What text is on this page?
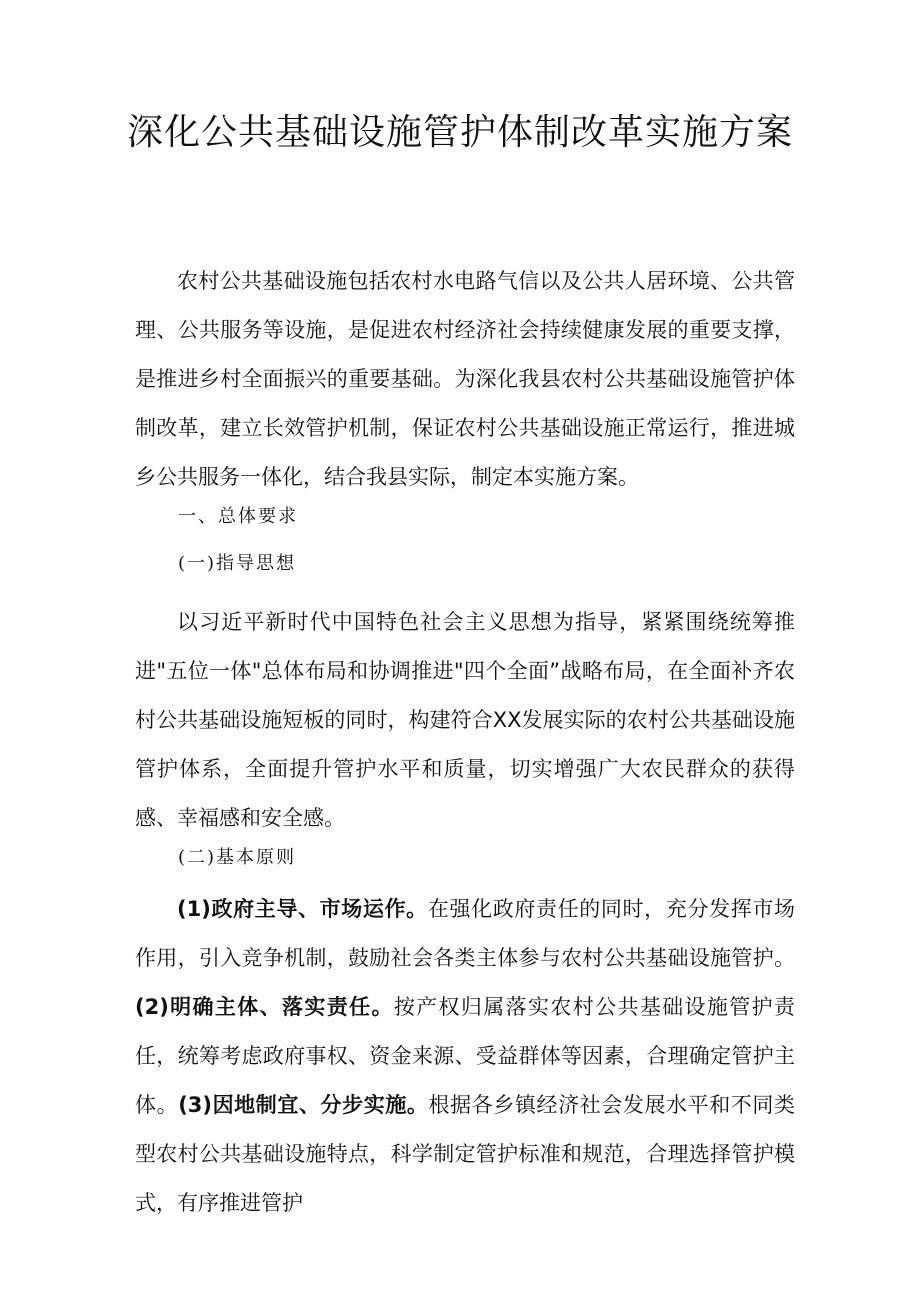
深化公共基础设施管护体制改革实施方案

农村公共基础设施包括农村水电路气信以及公共人居环境、公共管理、公共服务等设施，是促进农村经济社会持续健康发展的重要支撑，是推进乡村全面振兴的重要基础。为深化我县农村公共基础设施管护体制改革，建立长效管护机制，保证农村公共基础设施正常运行，推进城乡公共服务一体化，结合我县实际，制定本实施方案。

一、总体要求
(一)指导思想

以习近平新时代中国特色社会主义思想为指导，紧紧围绕统筹推进"五位一体"总体布局和协调推进"四个全面”战略布局，在全面补齐农村公共基础设施短板的同时，构建符合XX发展实际的农村公共基础设施管护体系，全面提升管护水平和质量，切实增强广大农民群众的获得感、幸福感和安全感。

(二)基本原则

(1)政府主导、市场运作。在强化政府责任的同时，充分发挥市场作用，引入竞争机制，鼓励社会各类主体参与农村公共基础设施管护。(2)明确主体、落实责任。按产权归属落实农村公共基础设施管护责任，统筹考虑政府事权、资金来源、受益群体等因素，合理确定管护主体。(3)因地制宜、分步实施。根据各乡镇经济社会发展水平和不同类型农村公共基础设施特点，科学制定管护标准和规范，合理选择管护模式，有序推进管护
